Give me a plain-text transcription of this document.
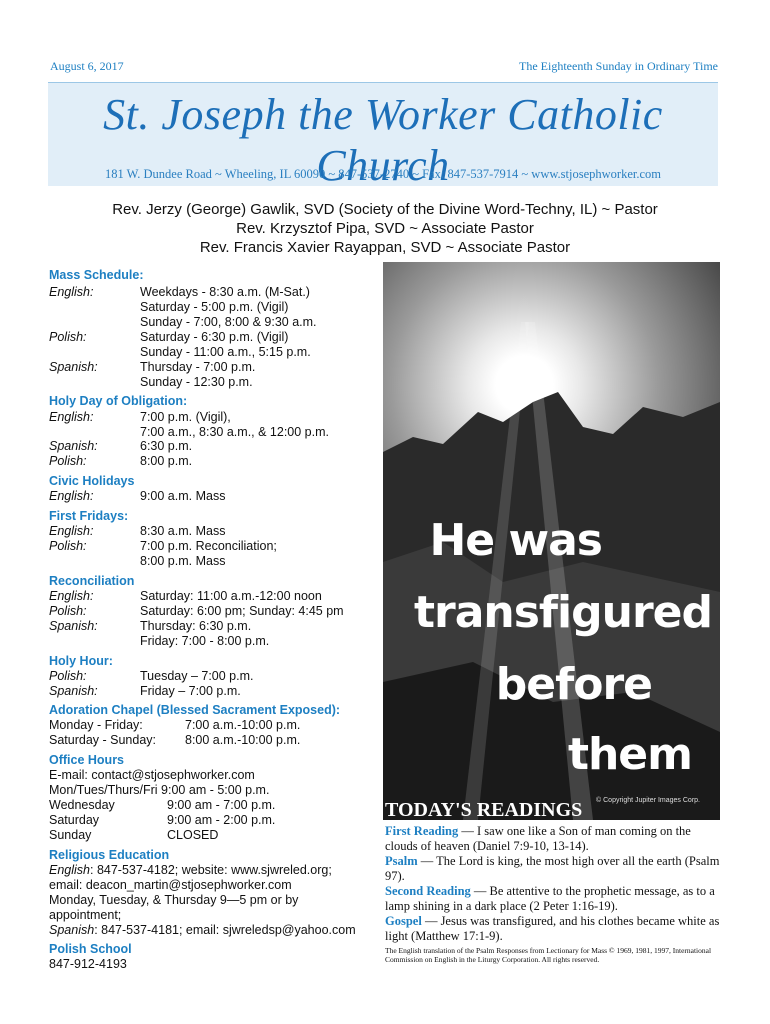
August 6, 2017	The Eighteenth Sunday in Ordinary Time
St. Joseph the Worker Catholic Church
181 W. Dundee Road ~ Wheeling, IL 60090 ~ 847-537-2740 ~ Fax: 847-537-7914 ~ www.stjosephworker.com
Rev. Jerzy (George) Gawlik, SVD (Society of the Divine Word-Techny, IL) ~ Pastor
Rev. Krzysztof Pipa, SVD ~ Associate Pastor
Rev. Francis Xavier Rayappan, SVD ~ Associate Pastor
Mass Schedule:
English:	Weekdays - 8:30 a.m. (M-Sat.)
Saturday - 5:00 p.m. (Vigil)
Sunday - 7:00, 8:00 & 9:30 a.m.
Polish:	Saturday - 6:30 p.m. (Vigil)
Sunday - 11:00 a.m., 5:15 p.m.
Spanish:	Thursday - 7:00 p.m.
Sunday - 12:30 p.m.
Holy Day of Obligation:
English:	7:00 p.m. (Vigil),
7:00 a.m., 8:30 a.m., & 12:00 p.m.
Spanish:	6:30 p.m.
Polish:	8:00 p.m.
Civic Holidays
English:	9:00 a.m. Mass
First Fridays:
English:	8:30 a.m. Mass
Polish:	7:00 p.m. Reconciliation;
8:00 p.m. Mass
Reconciliation
English:	Saturday: 11:00 a.m.-12:00 noon
Polish:	Saturday: 6:00 pm; Sunday: 4:45 pm
Spanish:	Thursday: 6:30 p.m.
Friday: 7:00 - 8:00 p.m.
Holy Hour:
Polish:	Tuesday – 7:00 p.m.
Spanish:	Friday – 7:00 p.m.
Adoration Chapel (Blessed Sacrament Exposed):
Monday - Friday:	7:00 a.m.-10:00 p.m.
Saturday - Sunday: 8:00 a.m.-10:00 p.m.
Office Hours
E-mail: contact@stjosephworker.com
Mon/Tues/Thurs/Fri 9:00 am - 5:00 p.m.
Wednesday	9:00 am - 7:00 p.m.
Saturday	9:00 am - 2:00 p.m.
Sunday	CLOSED
Religious Education
English: 847-537-4182; website: www.sjwreled.org;
email: deacon_martin@stjosephworker.com
Monday, Tuesday, & Thursday 9—5 pm or by
appointment;
Spanish: 847-537-4181; email: sjwreledsp@yahoo.com
Polish School
847-912-4193
He was
transfigured
before
them
© Copyright Jupiter Images Corp.
TODAY'S READINGS
First Reading — I saw one like a Son of man coming on the clouds of heaven (Daniel 7:9-10, 13-14).
Psalm — The Lord is king, the most high over all the earth (Psalm 97).
Second Reading — Be attentive to the prophetic message, as to a lamp shining in a dark place (2 Peter 1:16-19).
Gospel — Jesus was transfigured, and his clothes became white as light (Matthew 17:1-9).
The English translation of the Psalm Responses from Lectionary for Mass © 1969, 1981, 1997, International Commission on English in the Liturgy Corporation. All rights reserved.
